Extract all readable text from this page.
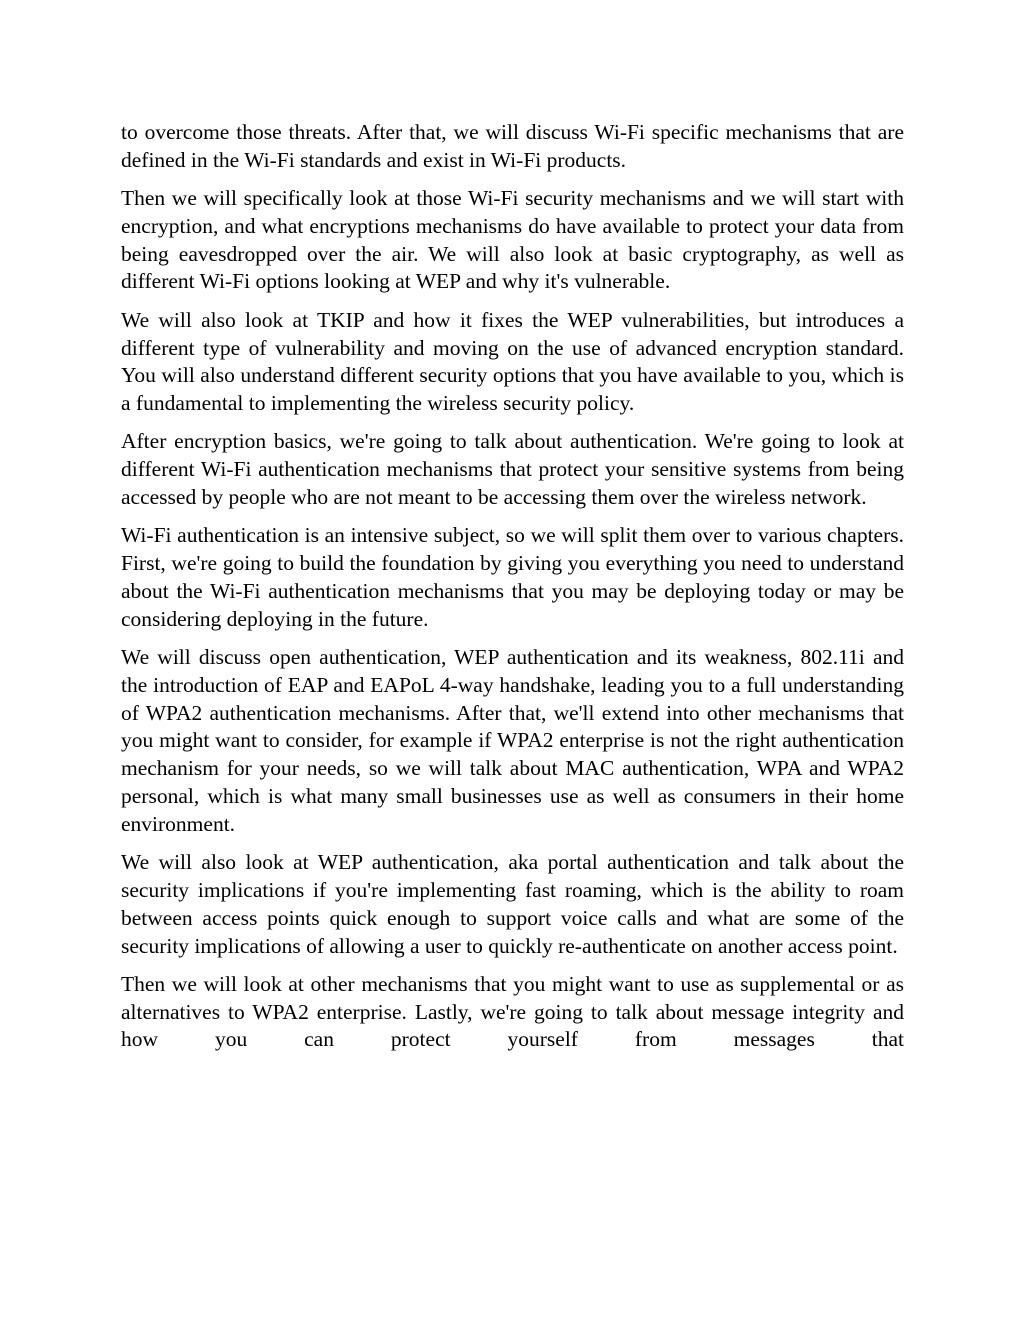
to overcome those threats. After that, we will discuss Wi-Fi specific mechanisms that are defined in the Wi-Fi standards and exist in Wi-Fi products.

Then we will specifically look at those Wi-Fi security mechanisms and we will start with encryption, and what encryptions mechanisms do have available to protect your data from being eavesdropped over the air. We will also look at basic cryptography, as well as different Wi-Fi options looking at WEP and why it's vulnerable.

We will also look at TKIP and how it fixes the WEP vulnerabilities, but introduces a different type of vulnerability and moving on the use of advanced encryption standard. You will also understand different security options that you have available to you, which is a fundamental to implementing the wireless security policy.

After encryption basics, we're going to talk about authentication. We're going to look at different Wi-Fi authentication mechanisms that protect your sensitive systems from being accessed by people who are not meant to be accessing them over the wireless network.

Wi-Fi authentication is an intensive subject, so we will split them over to various chapters. First, we're going to build the foundation by giving you everything you need to understand about the Wi-Fi authentication mechanisms that you may be deploying today or may be considering deploying in the future.

We will discuss open authentication, WEP authentication and its weakness, 802.11i and the introduction of EAP and EAPoL 4-way handshake, leading you to a full understanding of WPA2 authentication mechanisms. After that, we'll extend into other mechanisms that you might want to consider, for example if WPA2 enterprise is not the right authentication mechanism for your needs, so we will talk about MAC authentication, WPA and WPA2 personal, which is what many small businesses use as well as consumers in their home environment.

We will also look at WEP authentication, aka portal authentication and talk about the security implications if you're implementing fast roaming, which is the ability to roam between access points quick enough to support voice calls and what are some of the security implications of allowing a user to quickly re-authenticate on another access point.

Then we will look at other mechanisms that you might want to use as supplemental or as alternatives to WPA2 enterprise. Lastly, we're going to talk about message integrity and how you can protect yourself from messages that
